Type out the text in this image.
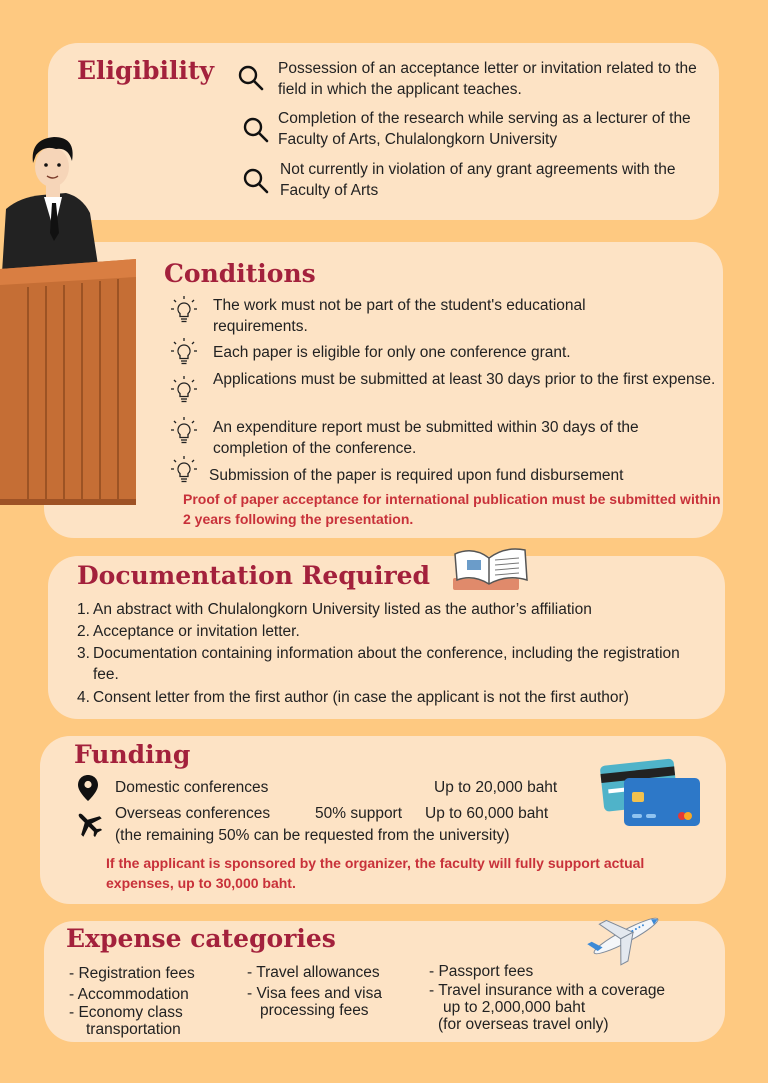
Eligibility	Possession of an acceptance letter or invitation related to the field in which the applicant teaches.

Completion of the research while serving as a lecturer of the Faculty of Arts, Chulalongkorn University

Not currently in violation of any grant agreements with the Faculty of Arts

Conditions

The work must not be part of the student's educational requirements.

Each paper is eligible for only one conference grant.

Applications must be submitted at least 30 days prior to the first expense.

An expenditure report must be submitted within 30 days of the completion of the conference.

Submission of the paper is required upon fund disbursement

Proof of paper acceptance for international publication must be submitted within 2 years following the presentation.

Documentation Required

1. An abstract with Chulalongkorn University listed as the author’s affiliation

2. Acceptance or invitation letter.

3. Documentation containing information about the conference, including the registration fee.

4. Consent letter from the first author (in case the applicant is not the first author)

Funding

Domestic conferences	Up to 20,000 baht

Overseas conferences	50% support Up to 60,000 baht

(the remaining 50% can be requested from the university)

If the applicant is sponsored by the organizer, the faculty will fully support actual expenses, up to 30,000 baht.

Expense categories

- Registration fees

- Accommodation

- Economy class

transportation

- Travel allowances

- Visa fees and visa

processing fees

- Passport fees

- Travel insurance with a coverage

up to 2,000,000 baht

(for overseas travel only)
